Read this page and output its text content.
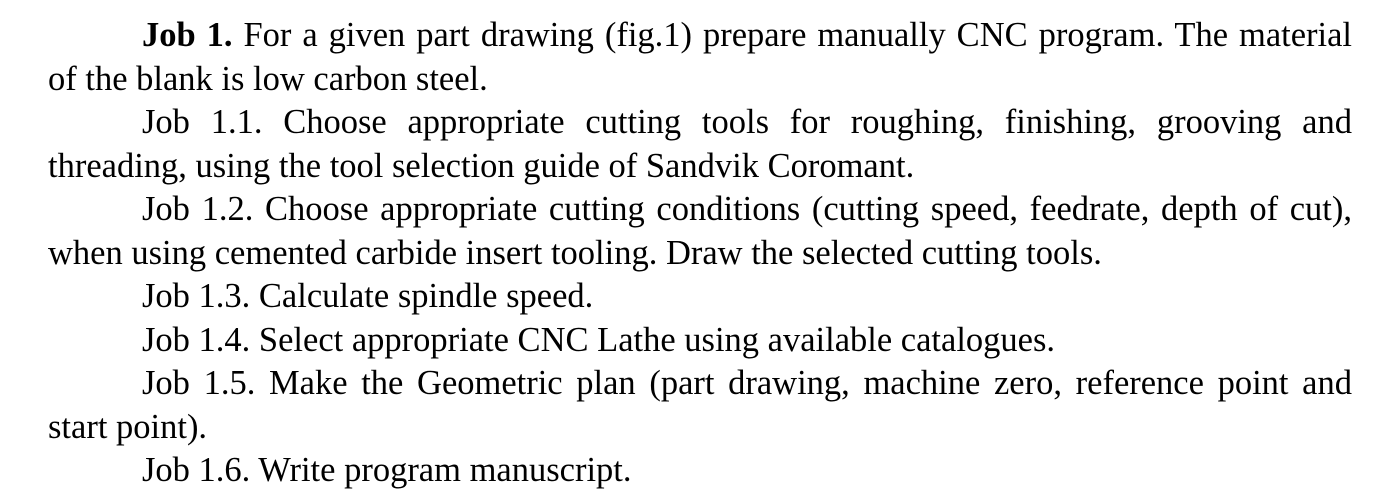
Job 1. For a given part drawing (fig.1) prepare manually CNC program. The material of the blank is low carbon steel.

Job 1.1. Choose appropriate cutting tools for roughing, finishing, grooving and threading, using the tool selection guide of Sandvik Coromant.

Job 1.2. Choose appropriate cutting conditions (cutting speed, feedrate, depth of cut), when using cemented carbide insert tooling. Draw the selected cutting tools.

Job 1.3. Calculate spindle speed.

Job 1.4. Select appropriate CNC Lathe using available catalogues.

Job 1.5. Make the Geometric plan (part drawing, machine zero, reference point and start point).

Job 1.6. Write program manuscript.
